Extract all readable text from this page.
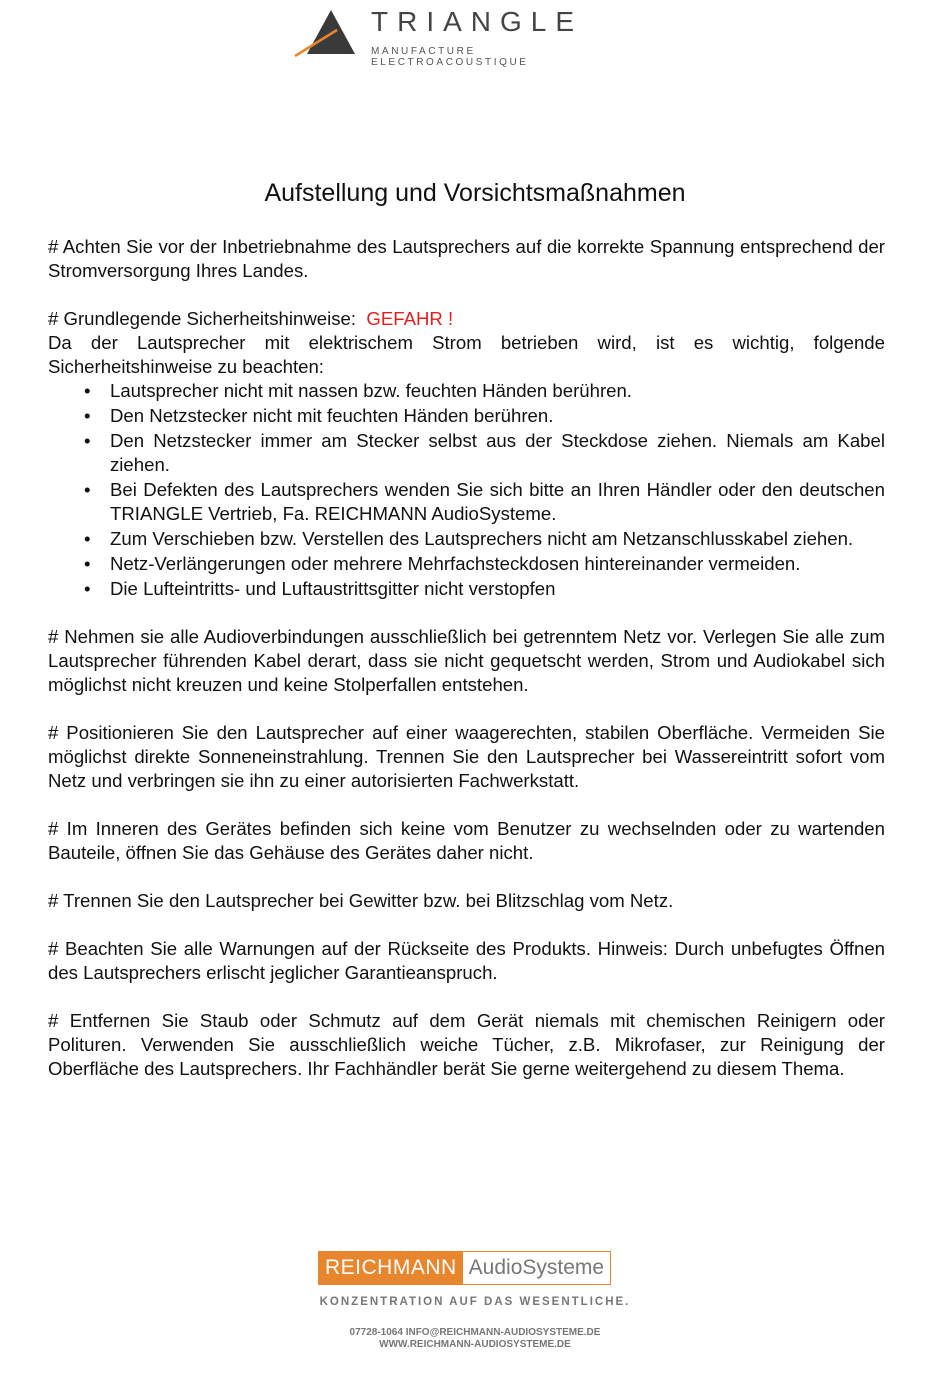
TRIANGLE
MANUFACTURE ELECTROACOUSTIQUE
Aufstellung und Vorsichtsmaßnahmen

# Achten Sie vor der Inbetriebnahme des Lautsprechers auf die korrekte Spannung entsprechend der Stromversorgung Ihres Landes.

# Grundlegende Sicherheitshinweise: GEFAHR !

Da der Lautsprecher mit elektrischem Strom betrieben wird, ist es wichtig, folgende Sicherheitshinweise zu beachten:

• Lautsprecher nicht mit nassen bzw. feuchten Händen berühren.
• Den Netzstecker nicht mit feuchten Händen berühren.
• Den Netzstecker immer am Stecker selbst aus der Steckdose ziehen. Niemals am Kabel ziehen.
• Bei Defekten des Lautsprechers wenden Sie sich bitte an Ihren Händler oder den deutschen TRIANGLE Vertrieb, Fa. REICHMANN AudioSysteme.
• Zum Verschieben bzw. Verstellen des Lautsprechers nicht am Netzanschlusskabel ziehen.
• Netz-Verlängerungen oder mehrere Mehrfachsteckdosen hintereinander vermeiden.
• Die Lufteintritts- und Luftaustrittsgitter nicht verstopfen

# Nehmen sie alle Audioverbindungen ausschließlich bei getrenntem Netz vor. Verlegen Sie alle zum Lautsprecher führenden Kabel derart, dass sie nicht gequetscht werden, Strom und Audiokabel sich möglichst nicht kreuzen und keine Stolperfallen entstehen.

# Positionieren Sie den Lautsprecher auf einer waagerechten, stabilen Oberfläche. Vermeiden Sie möglichst direkte Sonneneinstrahlung. Trennen Sie den Lautsprecher bei Wassereintritt sofort vom Netz und verbringen sie ihn zu einer autorisierten Fachwerkstatt.

# Im Inneren des Gerätes befinden sich keine vom Benutzer zu wechselnden oder zu wartenden Bauteile, öffnen Sie das Gehäuse des Gerätes daher nicht.

# Trennen Sie den Lautsprecher bei Gewitter bzw. bei Blitzschlag vom Netz.

# Beachten Sie alle Warnungen auf der Rückseite des Produkts. Hinweis: Durch unbefugtes Öffnen des Lautsprechers erlischt jeglicher Garantieanspruch.

# Entfernen Sie Staub oder Schmutz auf dem Gerät niemals mit chemischen Reinigern oder Polituren. Verwenden Sie ausschließlich weiche Tücher, z.B. Mikrofaser, zur Reinigung der Oberfläche des Lautsprechers. Ihr Fachhändler berät Sie gerne weitergehend zu diesem Thema.

REICHMANN AudioSysteme
KONZENTRATION AUF DAS WESENTLICHE.
07728-1064 INFO@REICHMANN-AUDIOSYSTEME.DE
WWW.REICHMANN-AUDIOSYSTEME.DE
